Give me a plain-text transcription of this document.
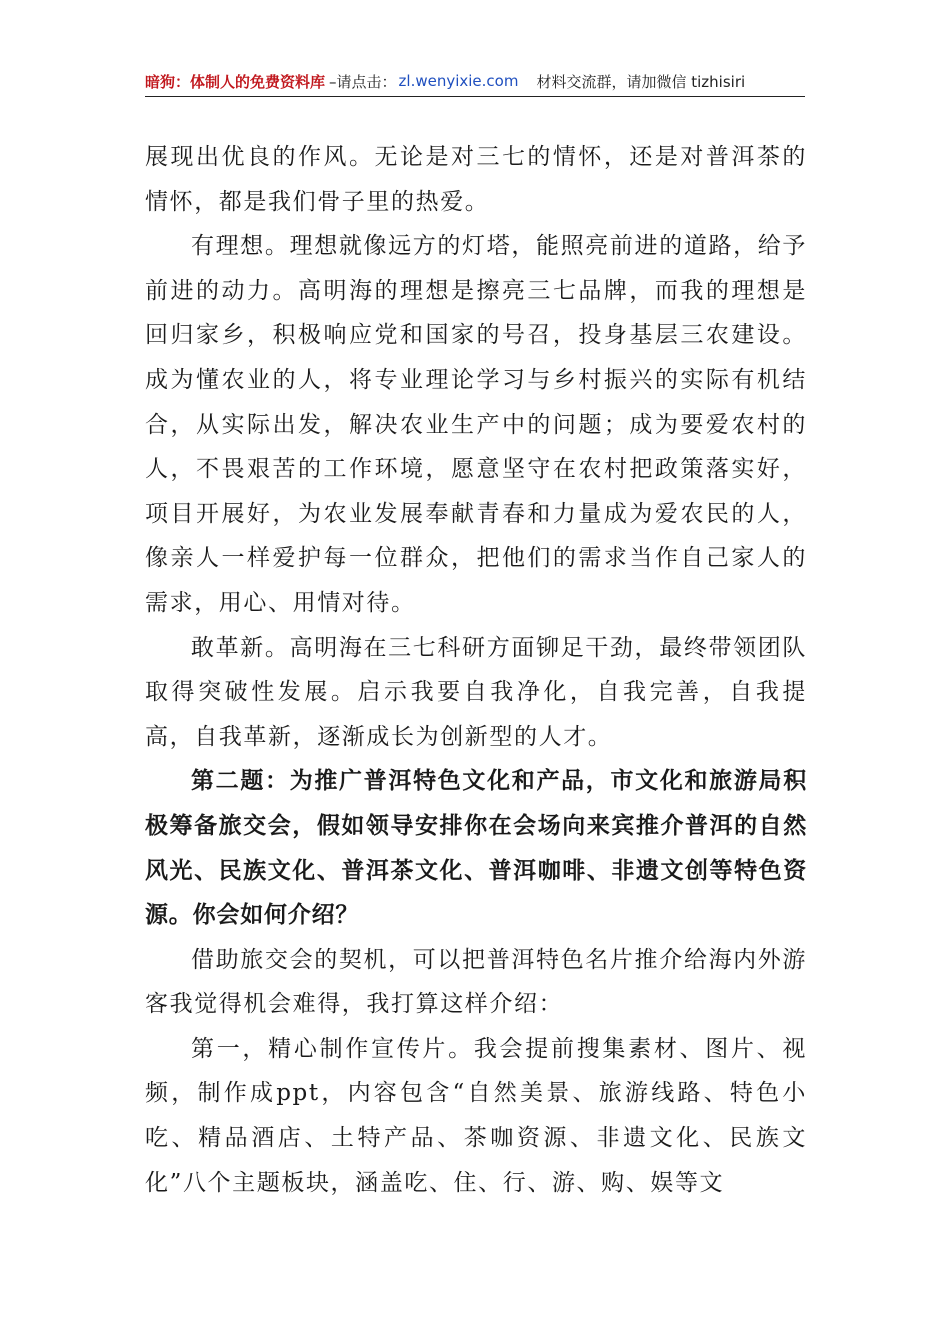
暗狗：体制人的免费资料库 –请点击： zl.wenyixie.com 材料交流群，请加微信 tizhisiri

展现出优良的作风。无论是对三七的情怀，还是对普洱茶的情怀，都是我们骨子里的热爱。

有理想。理想就像远方的灯塔，能照亮前进的道路，给予前进的动力。高明海的理想是擦亮三七品牌，而我的理想是回归家乡，积极响应党和国家的号召，投身基层三农建设。成为懂农业的人，将专业理论学习与乡村振兴的实际有机结合，从实际出发，解决农业生产中的问题；成为要爱农村的人，不畏艰苦的工作环境，愿意坚守在农村把政策落实好，项目开展好，为农业发展奉献青春和力量成为爱农民的人，像亲人一样爱护每一位群众，把他们的需求当作自己家人的需求，用心、用情对待。

敢革新。高明海在三七科研方面铆足干劲，最终带领团队取得突破性发展。启示我要自我净化，自我完善，自我提高，自我革新，逐渐成长为创新型的人才。

第二题：为推广普洱特色文化和产品，市文化和旅游局积极筹备旅交会，假如领导安排你在会场向来宾推介普洱的自然风光、民族文化、普洱茶文化、普洱咖啡、非遗文创等特色资源。你会如何介绍？

借助旅交会的契机，可以把普洱特色名片推介给海内外游客我觉得机会难得，我打算这样介绍：

第一，精心制作宣传片。我会提前搜集素材、图片、视频，制作成ppt，内容包含“自然美景、旅游线路、特色小吃、精品酒店、土特产品、茶咖资源、非遗文化、民族文化”八个主题板块，涵盖吃、住、行、游、购、娱等文
